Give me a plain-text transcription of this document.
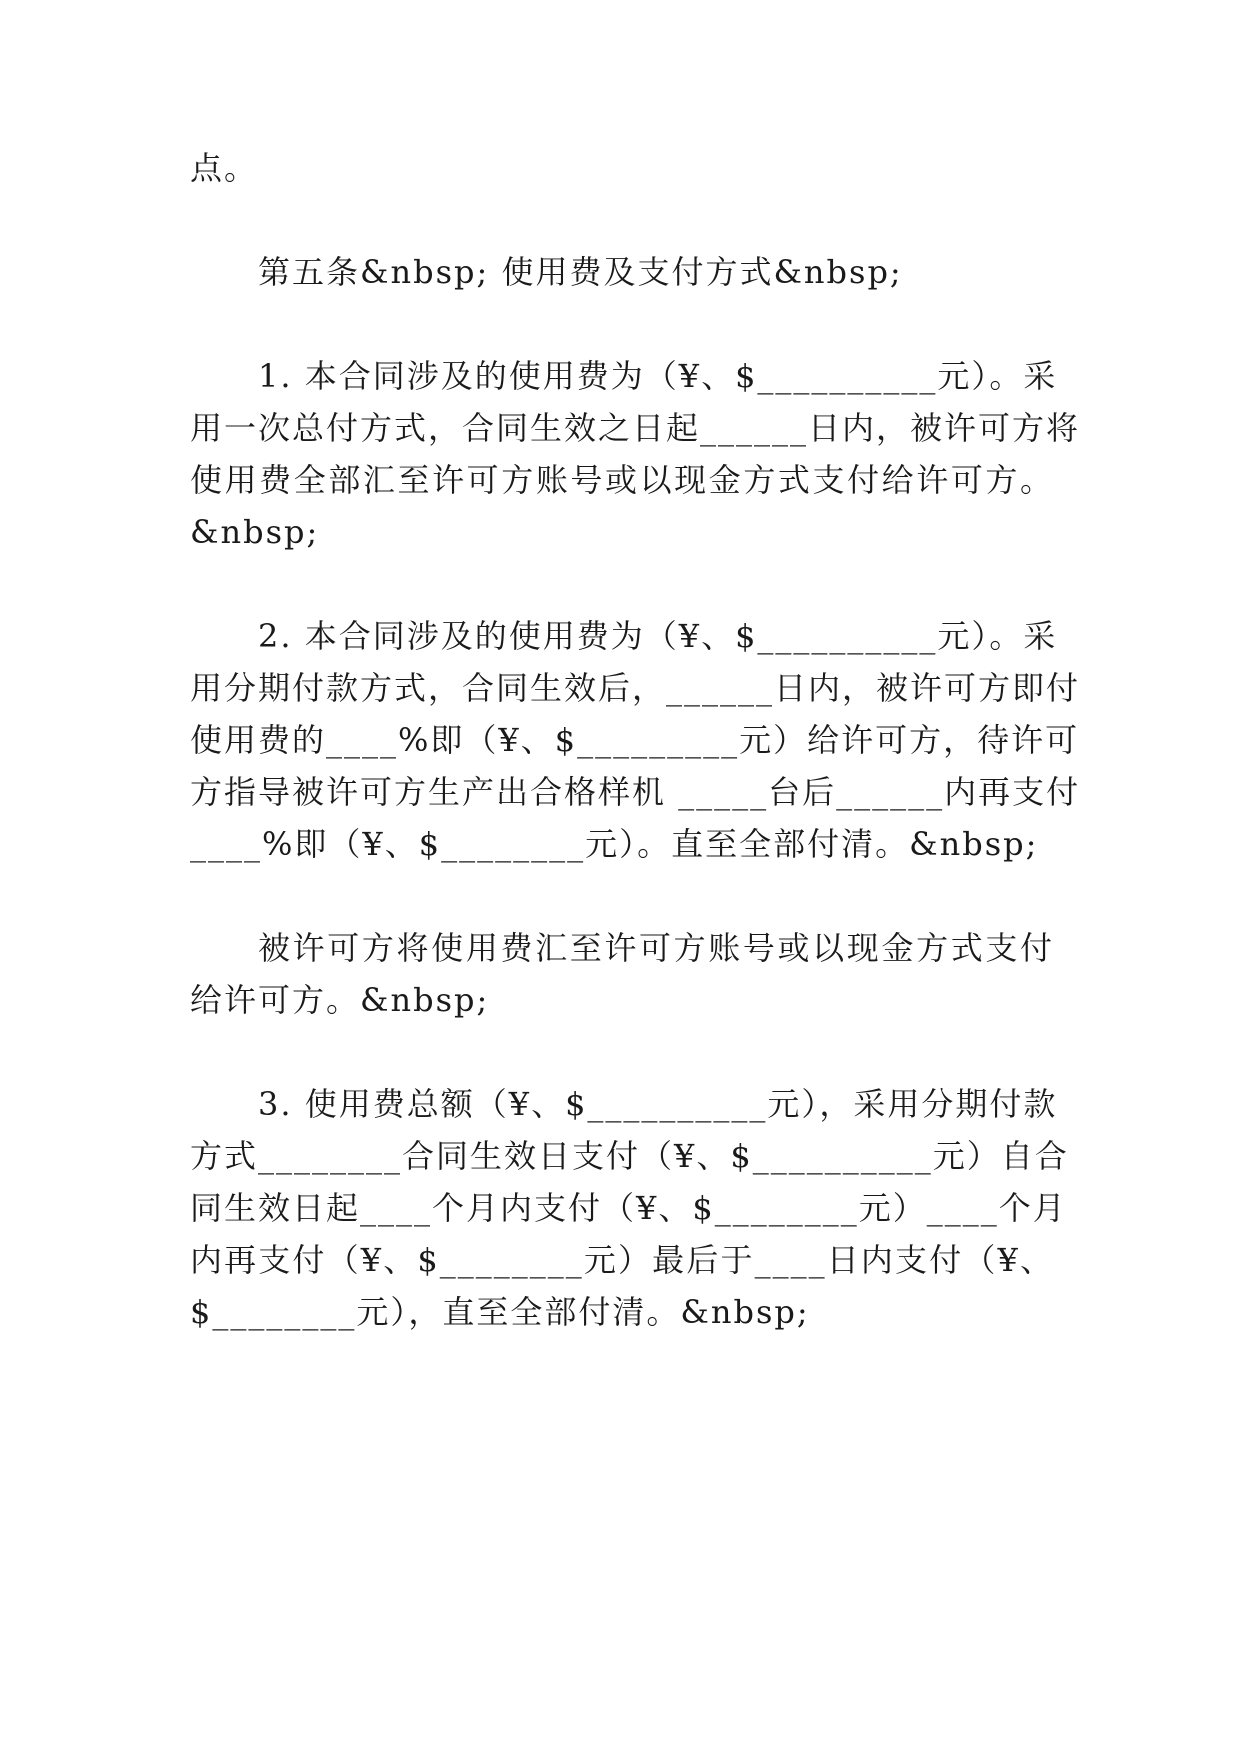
点。
第五条&nbsp; 使用费及支付方式&nbsp;
1. 本合同涉及的使用费为（¥、$__________元）。采
用一次总付方式，合同生效之日起______日内，被许可方将
使用费全部汇至许可方账号或以现金方式支付给许可方。
&nbsp;
2. 本合同涉及的使用费为（¥、$__________元）。采
用分期付款方式，合同生效后，______日内，被许可方即付
使用费的____%即（¥、$_________元）给许可方，待许可
方指导被许可方生产出合格样机 _____台后______内再支付
____%即（¥、$________元）。直至全部付清。&nbsp;
被许可方将使用费汇至许可方账号或以现金方式支付
给许可方。&nbsp;
3. 使用费总额（¥、$__________元），采用分期付款
方式________合同生效日支付（¥、$__________元）自合
同生效日起____个月内支付（¥、$________元）____个月
内再支付（¥、$________元）最后于____日内支付（¥、
$________元），直至全部付清。&nbsp;
